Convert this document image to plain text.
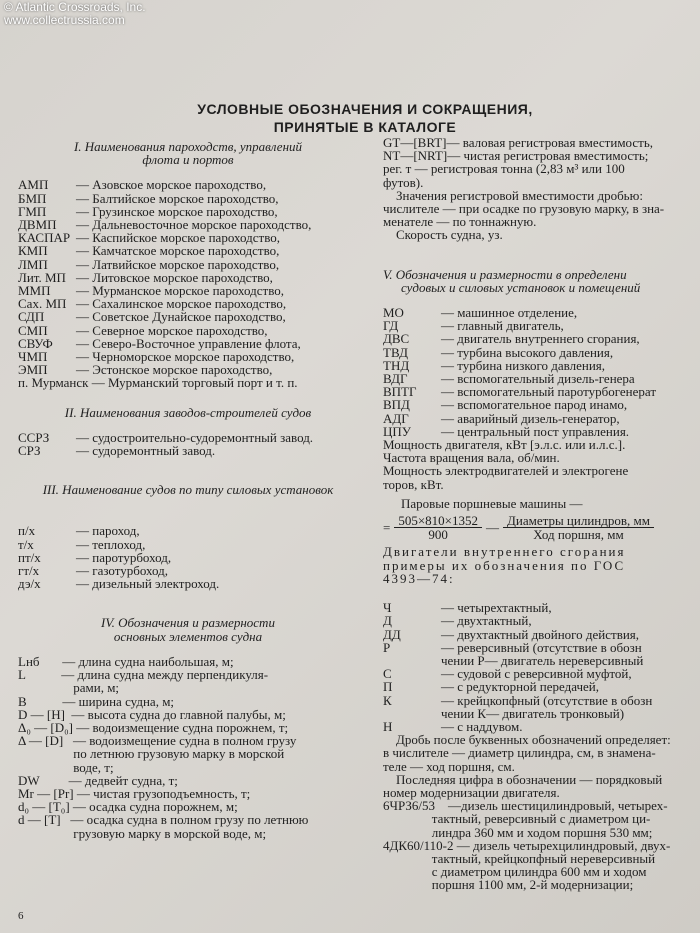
© Atlantic Crossroads, Inc.
www.collectrussia.com
УСЛОВНЫЕ ОБОЗНАЧЕНИЯ И СОКРАЩЕНИЯ,
ПРИНЯТЫЕ В КАТАЛОГЕ
I. Наименования пароходств, управлений
флота и портов
АМП	— Азовское морское пароходство,
БМП	— Балтийское морское пароходство,
ГМП	— Грузинское морское пароходство,
ДВМП	— Дальневосточное морское пароходство,
КАСПАР — Каспийское морское пароходство,
КМП	— Камчатское морское пароходство,
ЛМП	— Латвийское морское пароходство,
Лит. МП — Литовское морское пароходство,
ММП	— Мурманское морское пароходство,
Сах. МП — Сахалинское морское пароходство,
СДП	— Советское Дунайское пароходство,
СМП	— Северное морское пароходство,
СВУФ	— Северо-Восточное управление флота,
ЧМП	— Черноморское морское пароходство,
ЭМП	— Эстонское морское пароходство,
п. Мурманск — Мурманский торговый порт и т. п.
II. Наименования заводов-строителей судов
ССРЗ	— судостроительно-судоремонтный завод.
СРЗ	— судоремонтный завод.
III. Наименование судов по типу силовых установок
п/х	— пароход,
т/х	— теплоход,
пт/х	— паротурбоход,
гт/х	— газотурбоход,
дэ/х	— дизельный электроход.
IV. Обозначения и размерности
основных элементов судна
Lнб       — длина судна наибольшая, м;
L           — длина судна между перпендикуля-
рами, м;
B           — ширина судна, м;
D — [H]  — высота судна до главной палубы, м;
Δ₀ — [D₀] — водоизмещение судна порожнем, т;
Δ — [D]   — водоизмещение судна в полном грузу
по летнюю грузовую марку в морской
воде, т;
DW         — дедвейт судна, т;
Mr — [Pr] — чистая грузоподъемность, т;
d₀ — [T₀] — осадка судна порожнем, м;
d — [T]   — осадка судна в полном грузу по летнюю
грузовую марку в морской воде, м;
6
GT—[BRT]— валовая регистровая вместимость,
NT—[NRT]— чистая регистровая вместимость;
рег. т — регистровая тонна (2,83 м³ или 100
футов).
Значения регистровой вместимости дробью:
числителе — при осадке по грузовую марку, в зна-
менателе — по тоннажную.
Скорость судна, уз.
V. Обозначения и размерности в определени
судовых и силовых установок и помещений
МО	— машинное отделение,
ГД	— главный двигатель,
ДВС	— двигатель внутреннего сгорания,
ТВД	— турбина высокого давления,
ТНД	— турбина низкого давления,
ВДГ	— вспомогательный дизель-генера
ВПТГ	— вспомогательный паротурбогенерат
ВПД	— вспомогательное парод инамо,
АДГ	— аварийный дизель-генератор,
ЦПУ	— центральный пост управления.
Мощность двигателя, кВт [э.л.с. или и.л.с.].
Частота вращения вала, об/мин.
Мощность электродвигателей и электрогене
торов, кВт.
Паровые поршневые машины —
= $\frac{505\times 810\times 1352}{900}$ — $\frac{\text{Диаметры цилиндров, мм}}{\text{Ход поршня, мм}}$
Двигатели внутреннего сгорания
примеры их обозначения по ГОС
4393—74:
Ч	— четырехтактный,
Д	— двухтактный,
ДД	— двухтактный двойного действия,
Р	— реверсивный (отсутствие в обозн
чении Р— двигатель нереверсивный
С	— судовой с реверсивной муфтой,
П	— с редукторной передачей,
К	— крейцкопфный (отсутствие в обозн
чении К— двигатель тронковый)
Н	— с наддувом.
Дробь после буквенных обозначений определяет:
в числителе — диаметр цилиндра, см, в знамена-
теле — ход поршня, см.
Последняя цифра в обозначении — порядковый
номер модернизации двигателя.
6ЧРЗ6/53    —дизель шестицилиндровый, четырех-
тактный, реверсивный с диаметром ци-
линдра 360 мм и ходом поршня 530 мм;
4ДК60/110-2 — дизель четырехцилиндровый, двух-
тактный, крейцкопфный нереверсивный
с диаметром цилиндра 600 мм и ходом
поршня 1100 мм, 2-й модернизации;
